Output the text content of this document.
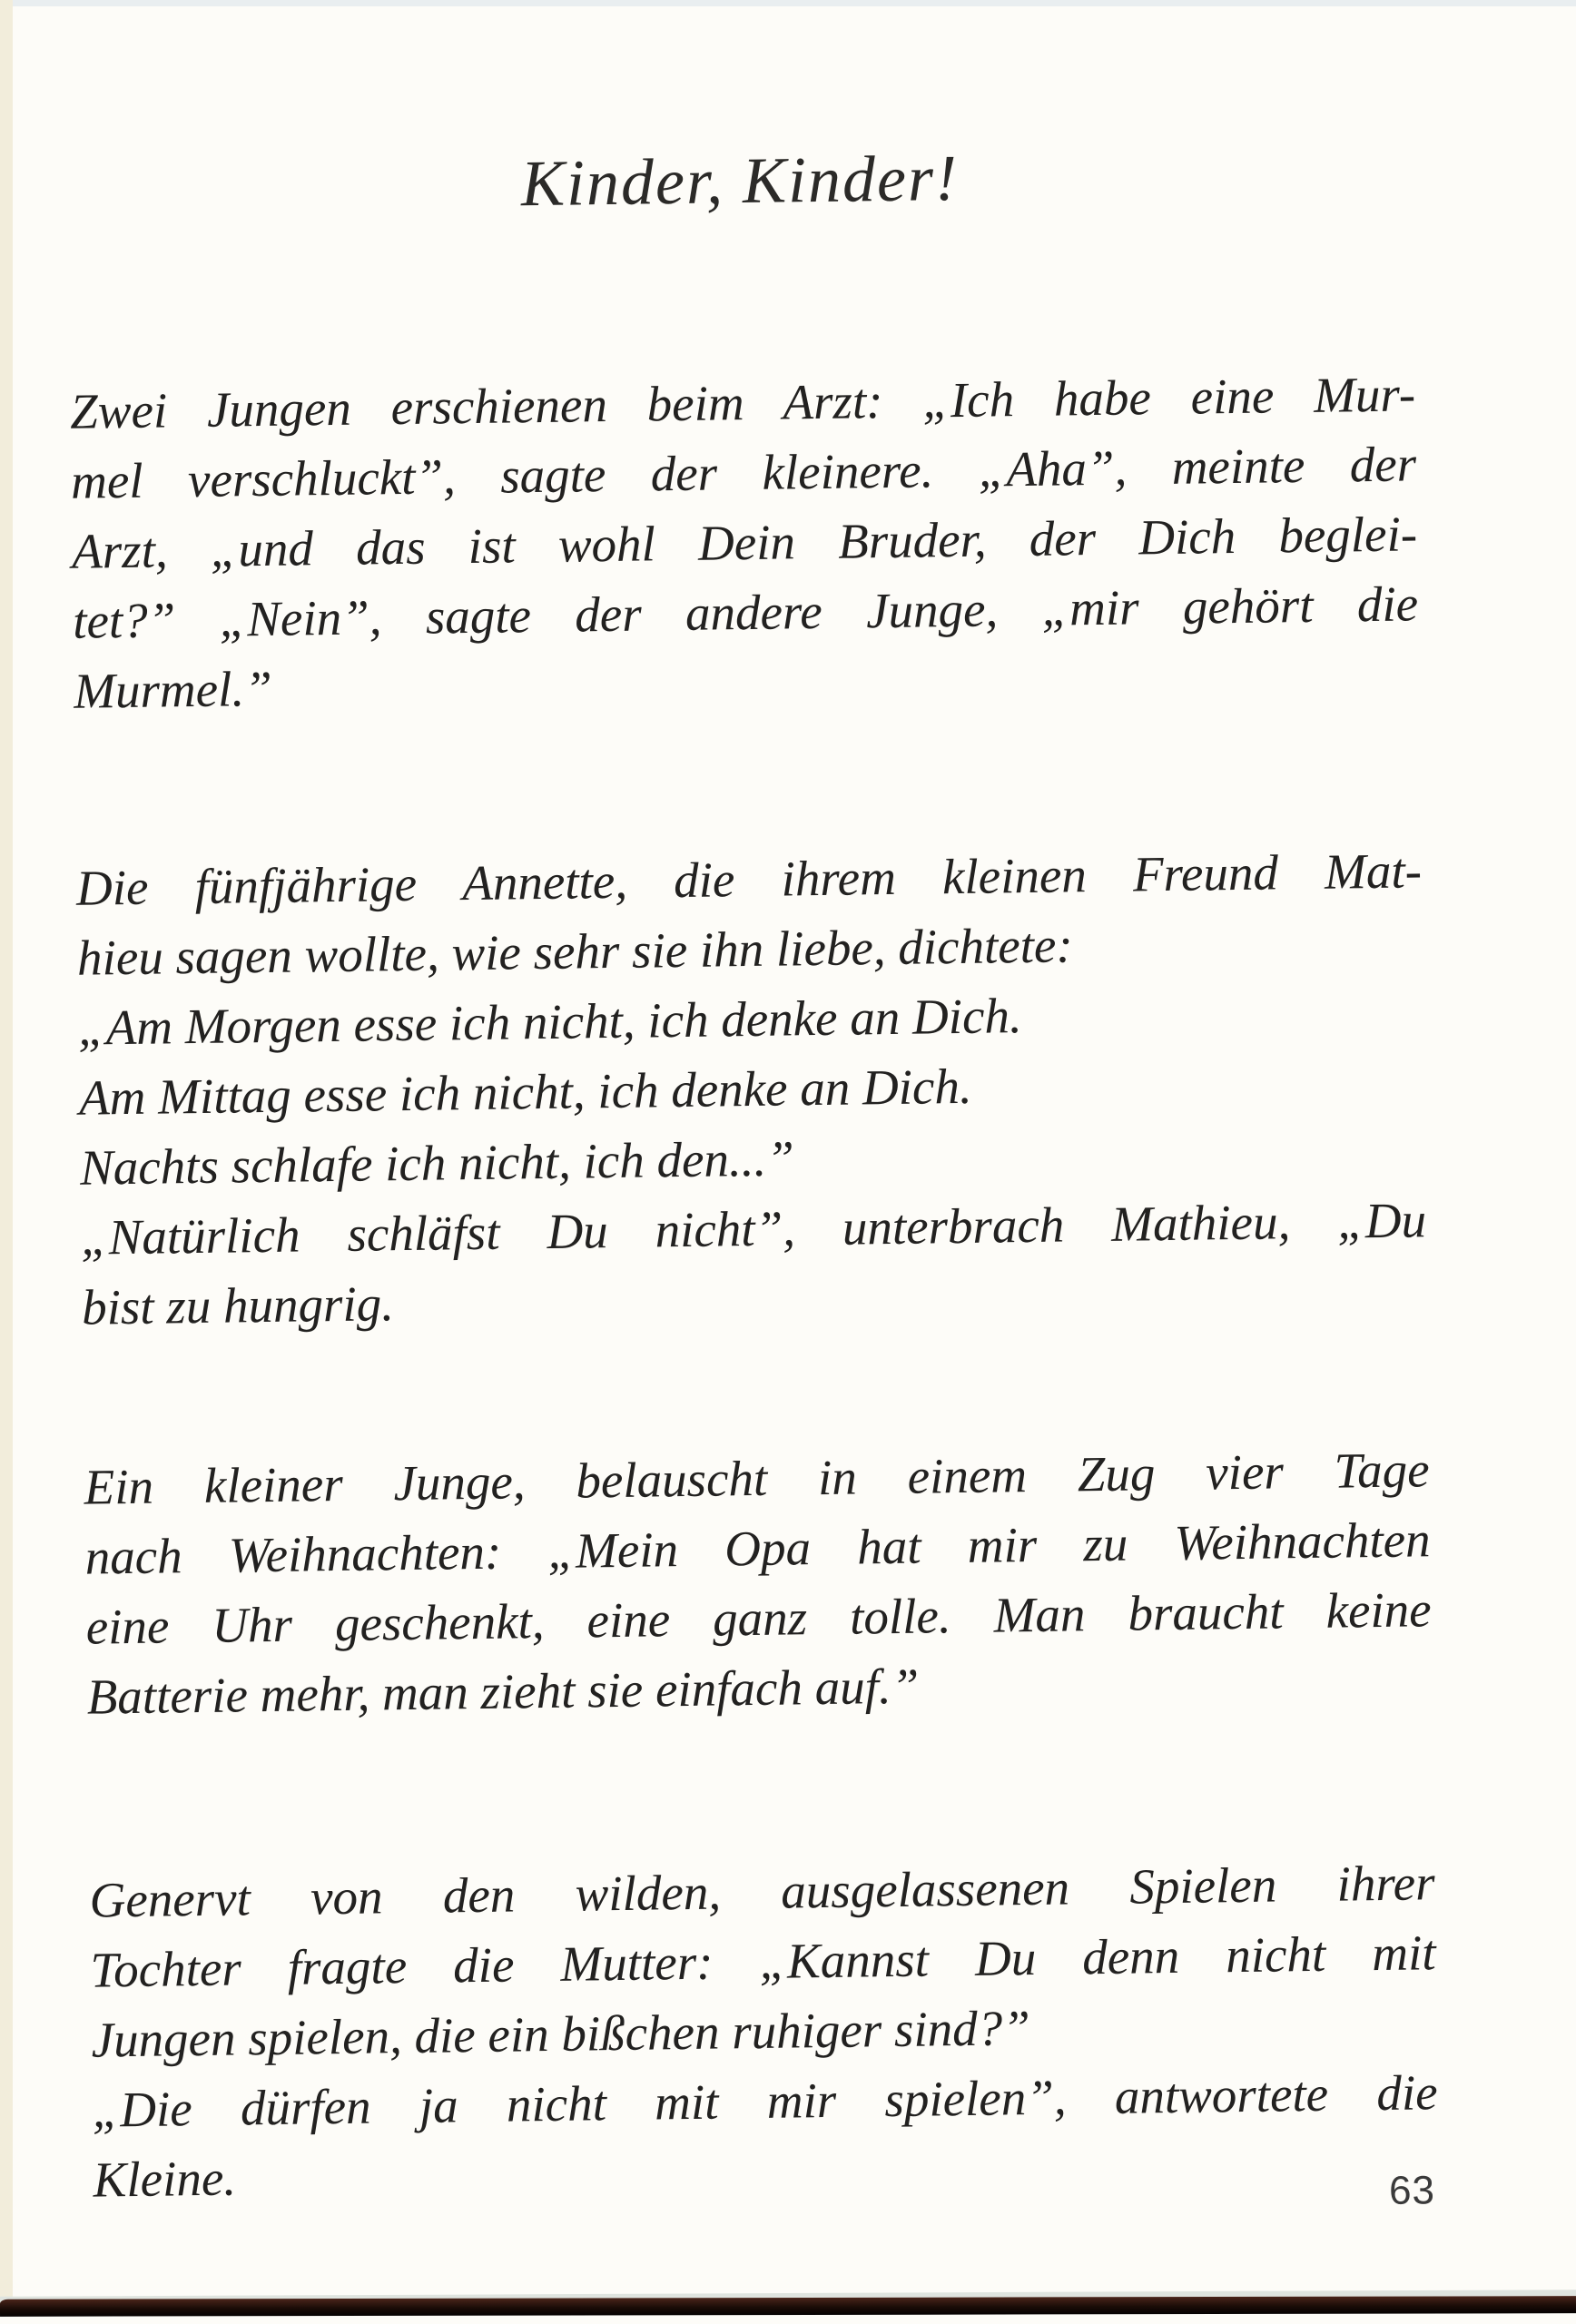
Kinder, Kinder!
Zwei Jungen erschienen beim Arzt: „Ich habe eine Mur-
mel verschluckt”, sagte der kleinere. „Aha”, meinte der
Arzt, „und das ist wohl Dein Bruder, der Dich beglei-
tet?” „Nein”, sagte der andere Junge, „mir gehört die
Murmel.”
Die fünfjährige Annette, die ihrem kleinen Freund Mat-
hieu sagen wollte, wie sehr sie ihn liebe, dichtete:
„Am Morgen esse ich nicht, ich denke an Dich.
Am Mittag esse ich nicht, ich denke an Dich.
Nachts schlafe ich nicht, ich den...”
„Natürlich schläfst Du nicht”, unterbrach Mathieu, „Du
bist zu hungrig.
Ein kleiner Junge, belauscht in einem Zug vier Tage
nach Weihnachten: „Mein Opa hat mir zu Weihnachten
eine Uhr geschenkt, eine ganz tolle. Man braucht keine
Batterie mehr, man zieht sie einfach auf.”
Genervt von den wilden, ausgelassenen Spielen ihrer
Tochter fragte die Mutter: „Kannst Du denn nicht mit
Jungen spielen, die ein bißchen ruhiger sind?”
„Die dürfen ja nicht mit mir spielen”, antwortete die
Kleine.	63
